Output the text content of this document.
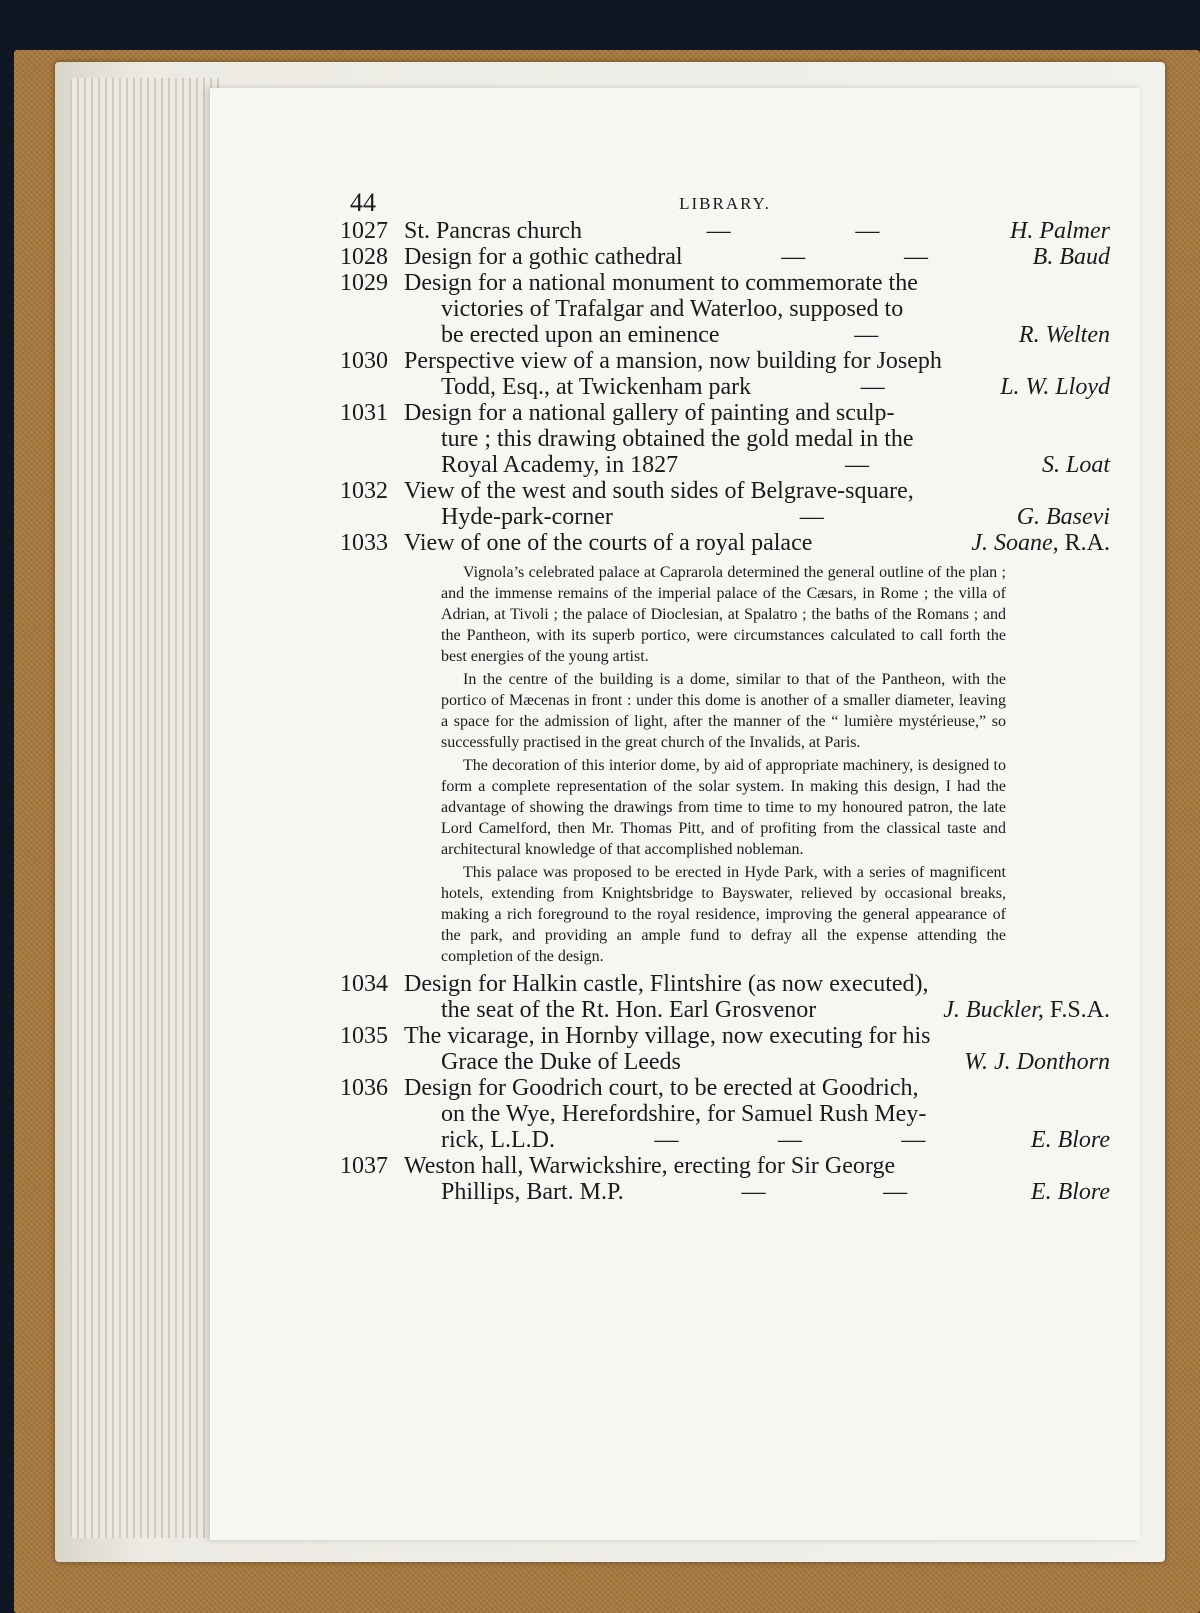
44	LIBRARY.
1027 St. Pancras church	—	—	H. Palmer
1028 Design for a gothic cathedral	—	—	B. Baud
1029 Design for a national monument to commemorate the
victories of Trafalgar and Waterloo, supposed to
be erected upon an eminence	—	R. Welten
1030 Perspective view of a mansion, now building for Joseph
Todd, Esq., at Twickenham park	—	L. W. Lloyd
1031 Design for a national gallery of painting and sculp-
ture ; this drawing obtained the gold medal in the
Royal Academy, in 1827	—	S. Loat
1032 View of the west and south sides of Belgrave-square,
Hyde-park-corner	—	G. Basevi
1033 View of one of the courts of a royal palace	J. Soane, R.A.

Vignola’s celebrated palace at Caprarola determined the general outline of the plan ; and the immense remains of the imperial palace of the Cæsars, in Rome ; the villa of Adrian, at Tivoli ; the palace of Dioclesian, at Spalatro ; the baths of the Romans ; and the Pantheon, with its superb portico, were circumstances calculated to call forth the best energies of the young artist.

In the centre of the building is a dome, similar to that of the Pantheon, with the portico of Mæcenas in front : under this dome is another of a smaller diameter, leaving a space for the admission of light, after the manner of the “ lumière mystérieuse,” so successfully practised in the great church of the Invalids, at Paris.

The decoration of this interior dome, by aid of appropriate machinery, is designed to form a complete representation of the solar system. In making this design, I had the advantage of showing the drawings from time to time to my honoured patron, the late Lord Camelford, then Mr. Thomas Pitt, and of profiting from the classical taste and architectural knowledge of that accomplished nobleman.

This palace was proposed to be erected in Hyde Park, with a series of magnificent hotels, extending from Knightsbridge to Bayswater, relieved by occasional breaks, making a rich foreground to the royal residence, improving the general appearance of the park, and providing an ample fund to defray all the expense attending the completion of the design.

1034 Design for Halkin castle, Flintshire (as now executed),
the seat of the Rt. Hon. Earl Grosvenor	J. Buckler, F.S.A.
1035 The vicarage, in Hornby village, now executing for his
Grace the Duke of Leeds	W. J. Donthorn
1036 Design for Goodrich court, to be erected at Goodrich,
on the Wye, Herefordshire, for Samuel Rush Mey-
rick, L.L.D.	—	—	—	E. Blore
1037 Weston hall, Warwickshire, erecting for Sir George
Phillips, Bart. M.P.	—	—	E. Blore
